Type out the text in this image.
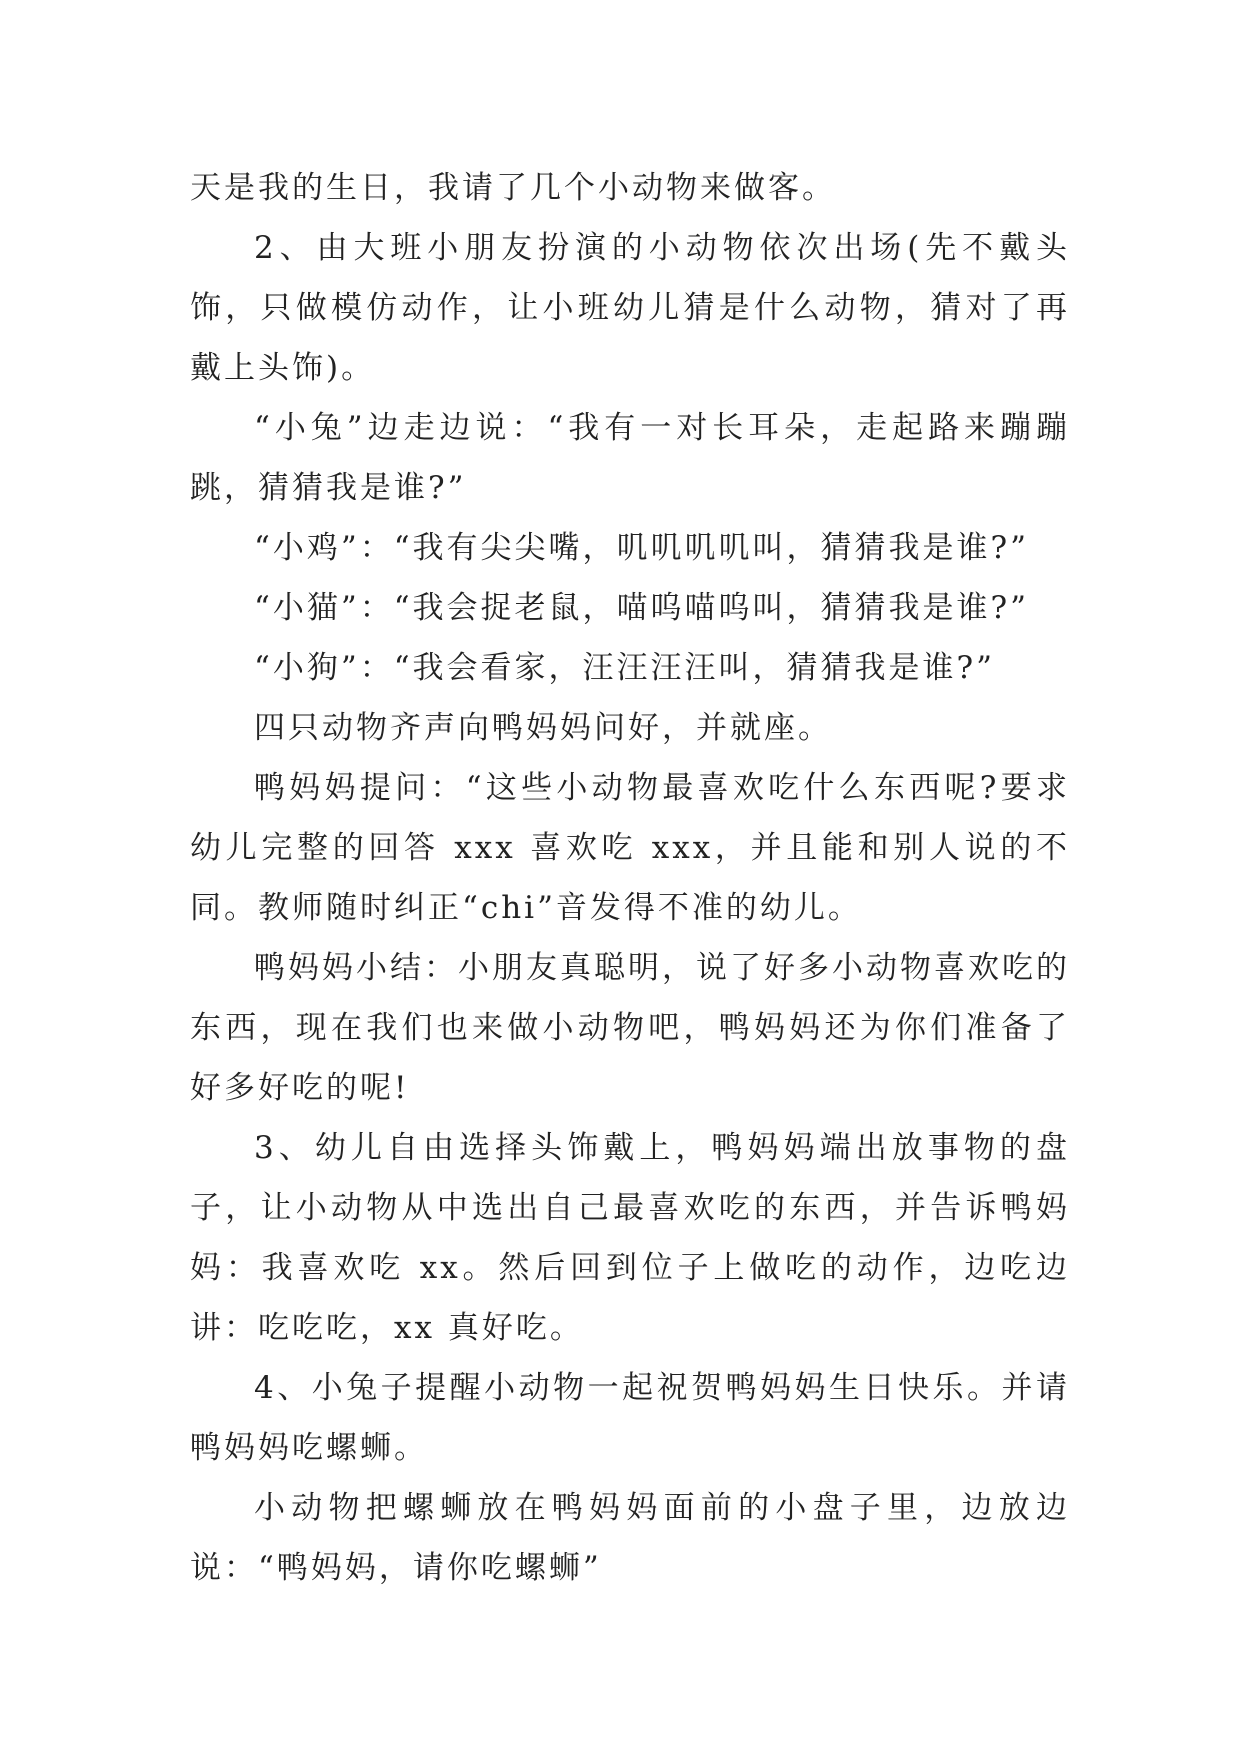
天是我的生日，我请了几个小动物来做客。

2、由大班小朋友扮演的小动物依次出场(先不戴头饰，只做模仿动作，让小班幼儿猜是什么动物，猜对了再戴上头饰)。

“小兔”边走边说：“我有一对长耳朵，走起路来蹦蹦跳，猜猜我是谁?”

“小鸡”：“我有尖尖嘴，叽叽叽叽叫，猜猜我是谁?”

“小猫”：“我会捉老鼠，喵呜喵呜叫，猜猜我是谁?”

“小狗”：“我会看家，汪汪汪汪叫，猜猜我是谁?”

四只动物齐声向鸭妈妈问好，并就座。

鸭妈妈提问：“这些小动物最喜欢吃什么东西呢?要求幼儿完整的回答 xxx 喜欢吃 xxx，并且能和别人说的不同。教师随时纠正“chi”音发得不准的幼儿。

鸭妈妈小结：小朋友真聪明，说了好多小动物喜欢吃的东西，现在我们也来做小动物吧，鸭妈妈还为你们准备了好多好吃的呢!

3、幼儿自由选择头饰戴上，鸭妈妈端出放事物的盘子，让小动物从中选出自己最喜欢吃的东西，并告诉鸭妈妈：我喜欢吃 xx。然后回到位子上做吃的动作，边吃边讲：吃吃吃，xx 真好吃。

4、小兔子提醒小动物一起祝贺鸭妈妈生日快乐。并请鸭妈妈吃螺蛳。

小动物把螺蛳放在鸭妈妈面前的小盘子里，边放边说：“鸭妈妈，请你吃螺蛳”
